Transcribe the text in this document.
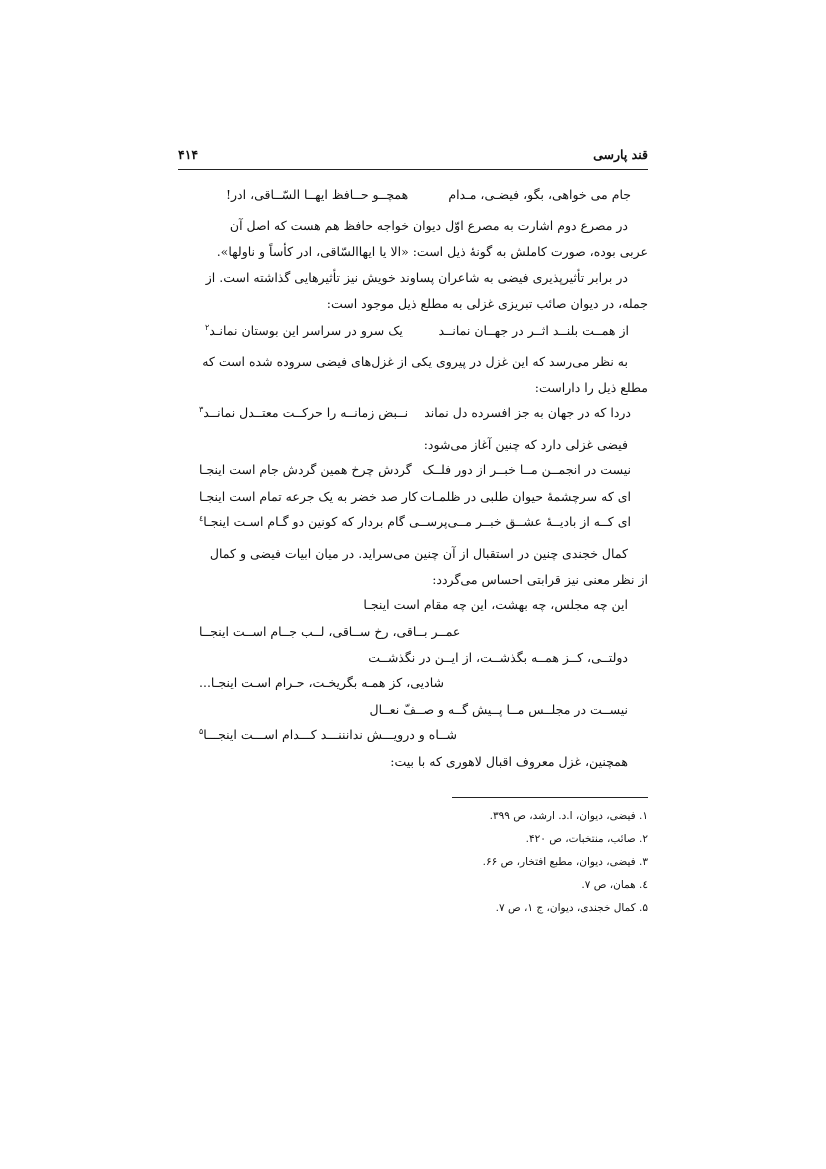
قند پارسی
۴۱۴
جام می خواهی، بگو، فیضـی، مـدام
همچــو حــافظ ایهــا السّــاقی، ادر!
در مصرع دوم اشارت به مصرع اوّل دیوان خواجه حافظ هم هست که اصل آن
عربی بوده، صورت کاملش به گونهٔ ذیل است: «الا یا ایهاالسّاقی، ادر کأساً و ناولها».
در برابر تأثیرپذیری فیضی به شاعران پساوند خویش نیز تأثیرهایی گذاشته است. از
جمله، در دیوان صائب تبریزی غزلی به مطلع ذیل موجود است:
از همــت بلنــد اثــر در جهــان نمانــد
یک سرو در سراسر این بوستان نمانـد$^۲$
به نظر می‌رسد که این غزل در پیروی یکی از غزل‌های فیضی سروده شده است که
مطلع ذیل را داراست:
دردا که در جهان به جز افسرده دل نماند
نــبض زمانــه را حرکــت معتــدل نمانــد$^۳$
فیضی غزلی دارد که چنین آغاز می‌شود:
نیست در انجمــن مــا خبــر از دور فلــک
گردش چرخ همین گردش جام است اینجـا
ای که سرچشمهٔ حیوان طلبی در ظلمـات
کار صد خضر به یک جرعه تمام است اینجـا
ای کــه از بادیــهٔ عشــق خبــر مــی‌پرســی
گام بردار که کونین دو گـام اسـت اینجـا$^٤$
کمال خجندی چنین در استقبال از آن چنین می‌سراید. در میان ابیات فیضی و کمال
از نظر معنی نیز قرابتی احساس می‌گردد:
این چه مجلس، چه بهشت، این چه مقام است اینجـا
عمــر بــاقی، رخ ســاقی، لــب جــام اســت اینجــا
دولتــی، کــز همــه بگذشــت، از ایــن در نگذشــت
شادیی، کز همـه بگریخـت، حـرام اسـت اینجـا...
نیســت در مجلــس مــا پــیش گــه و صــفّ نعــال
شــاه و درویـــش ندانننـــد کـــدام اســـت اینجـــا$^۵$
همچنین، غزل معروف اقبال لاهوری که با بیت:
۱. فیضی، دیوان، ا.د. ارشد، ص ۳۹۹.
۲. صائب، منتخبات، ص ۴۲۰.
۳. فیضی، دیوان، مطبع افتخار، ص ۶۶.
٤. همان، ص ۷.
۵. کمال خجندی، دیوان، ج ۱، ص ۷.
